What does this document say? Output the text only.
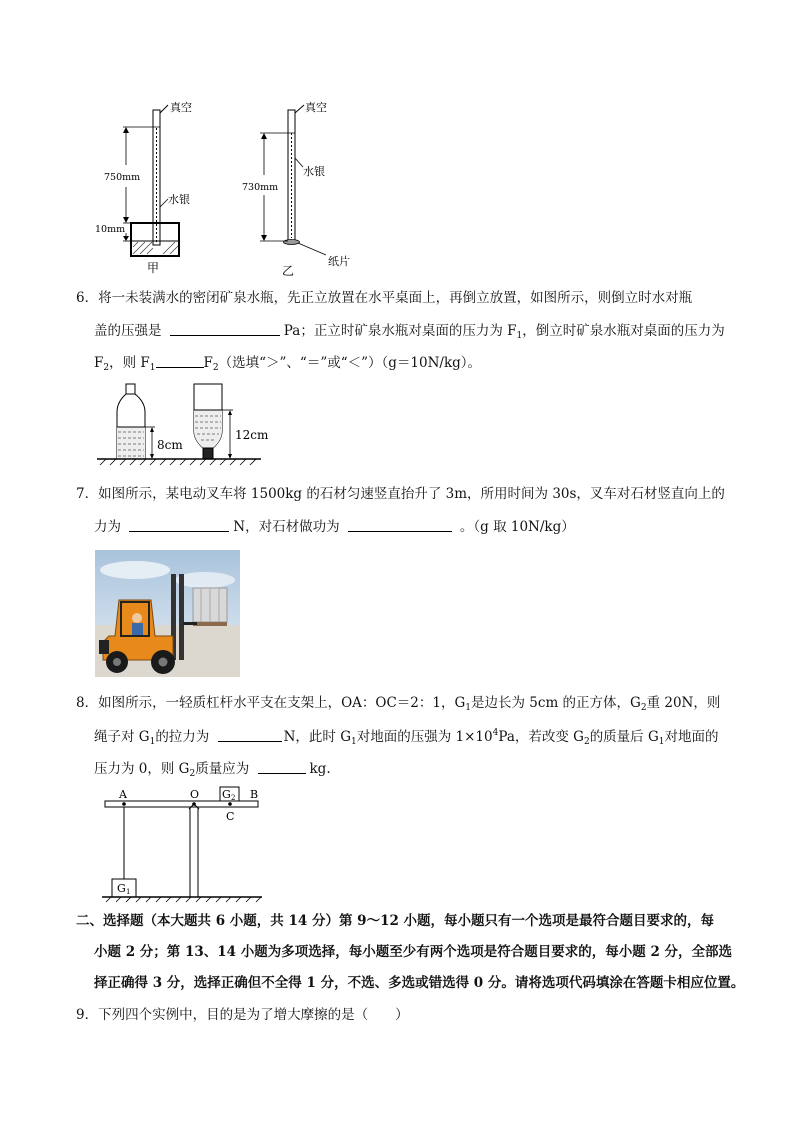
真空
水银
750mm
10mm
甲
真空
水银
730mm
纸片
乙
6．将一未装满水的密闭矿泉水瓶，先正立放置在水平桌面上，再倒立放置，如图所示，则倒立时水对瓶
盖的压强是	Pa；正立时矿泉水瓶对桌面的压力为 $F_1$，倒立时矿泉水瓶对桌面的压力为
$F_2$，则 $F_1$	$F_2$（选填“＞”、“＝”或“＜”）（g＝10N/kg）。
8cm
12cm
7．如图所示，某电动叉车将 1500kg 的石材匀速竖直抬升了 3m，所用时间为 30s，叉车对石材竖直向上的
力为	N，对石材做功为	。（g 取 10N/kg）
8．如图所示，一轻质杠杆水平支在支架上，OA：OC＝2：1，$G_1$是边长为 5cm 的正方体，$G_2$重 20N，则
绳子对 $G_1$的拉力为	N，此时 $G_1$对地面的压强为 $1\times 10^4Pa$，若改变 $G_2$的质量后 $G_1$对地面的
压力为 0，则 $G_2$质量应为	kg.
G 2
G 1
A	O	B
C
二、选择题（本大题共 6 小题，共 14 分）第 9～12 小题，每小题只有一个选项是最符合题目要求的，每
小题 2 分；第 13、14 小题为多项选择，每小题至少有两个选项是符合题目要求的，每小题 2 分，全部选
择正确得 3 分，选择正确但不全得 1 分，不选、多选或错选得 0 分。请将选项代码填涂在答题卡相应位置。
9．下列四个实例中，目的是为了增大摩擦的是（　　）
